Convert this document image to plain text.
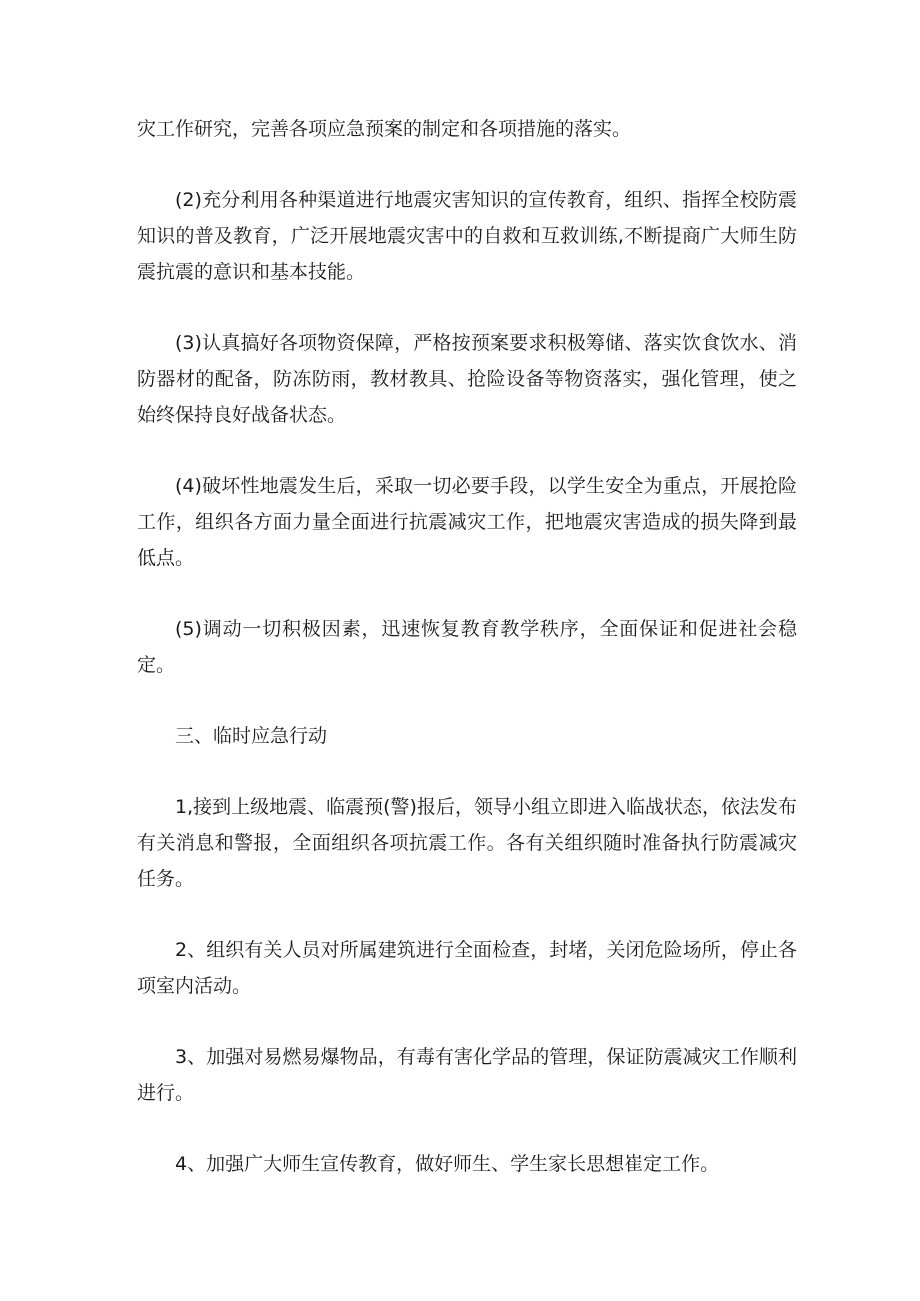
灾工作研究，完善各项应急预案的制定和各项措施的落实。

(2)充分利用各种渠道进行地震灾害知识的宣传教育，组织、指挥全校防震知识的普及教育，广泛开展地震灾害中的自救和互救训练,不断提商广大师生防震抗震的意识和基本技能。

(3)认真搞好各项物资保障，严格按预案要求积极筹储、落实饮食饮水、消防器材的配备，防冻防雨，教材教具、抢险设备等物资落实，强化管理，使之始终保持良好战备状态。

(4)破坏性地震发生后，采取一切必要手段，以学生安全为重点，开展抢险工作，组织各方面力量全面进行抗震减灾工作，把地震灾害造成的损失降到最低点。

(5)调动一切积极因素，迅速恢复教育教学秩序，全面保证和促进社会稳定。

三、临时应急行动

1,接到上级地震、临震预(警)报后，领导小组立即进入临战状态，依法发布有关消息和警报，全面组织各项抗震工作。各有关组织随时准备执行防震减灾任务。

2、组织有关人员对所属建筑进行全面检查，封堵，关闭危险场所，停止各项室内活动。

3、加强对易燃易爆物品，有毒有害化学品的管理，保证防震减灾工作顺利进行。

4、加强广大师生宣传教育，做好师生、学生家长思想崔定工作。
